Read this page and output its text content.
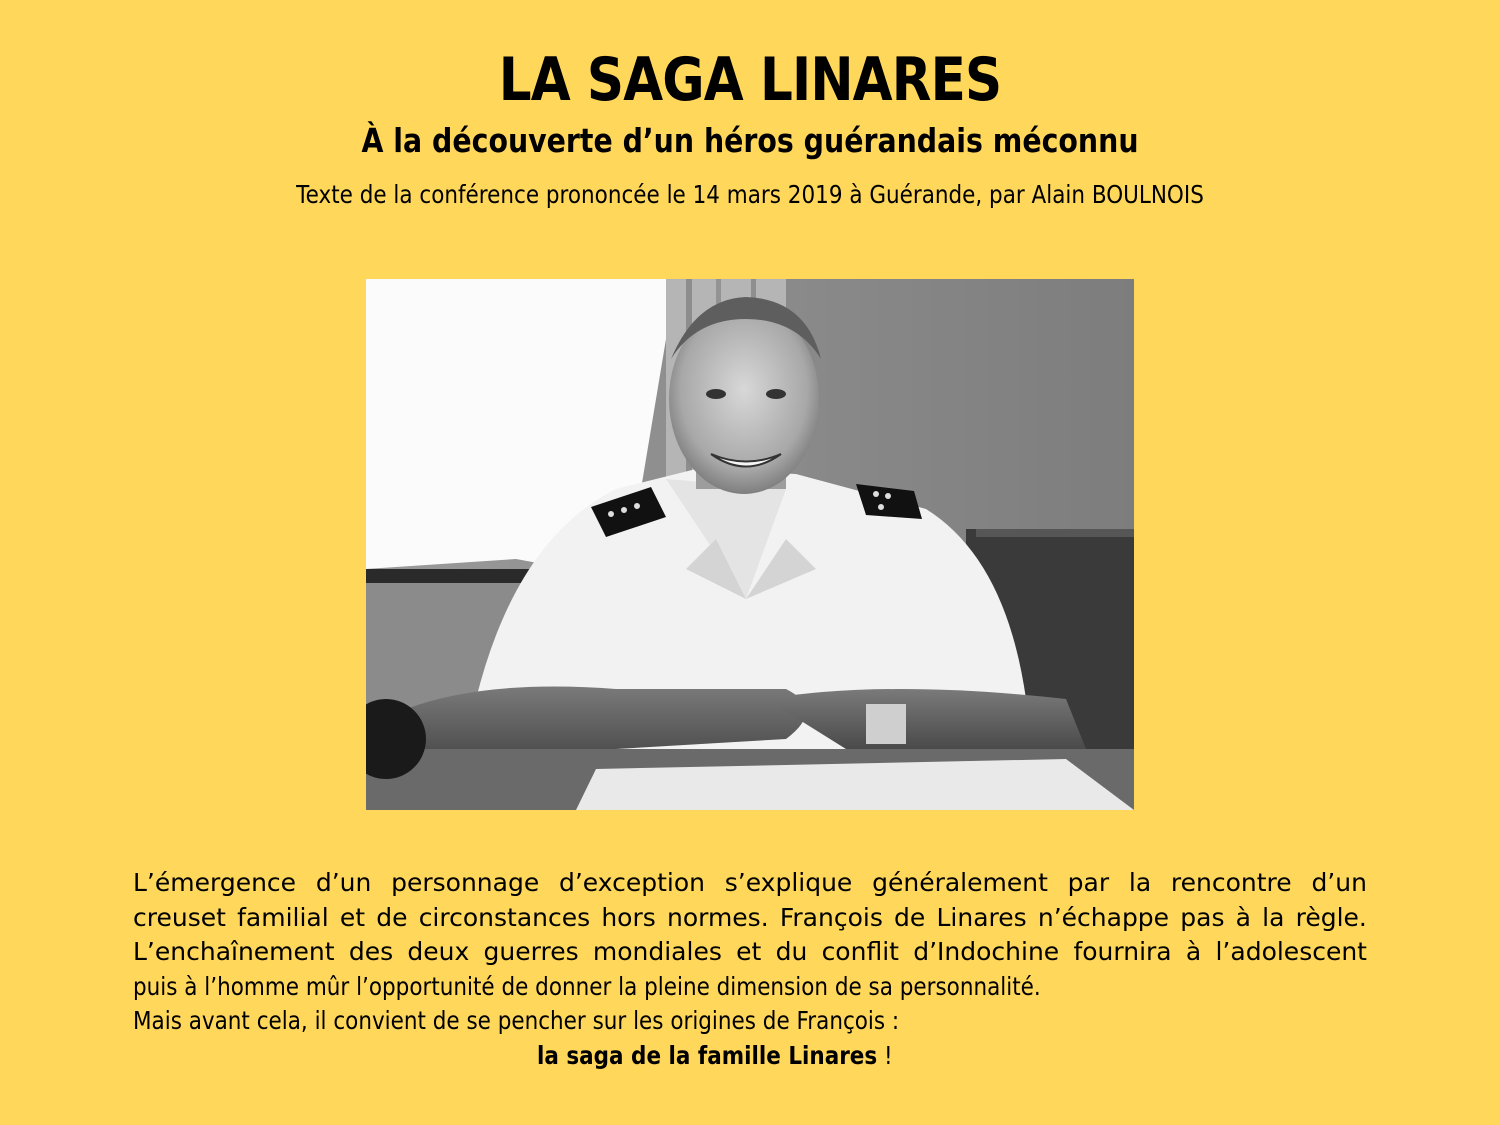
LA SAGA LINARES
À la découverte d’un héros guérandais méconnu
Texte de la conférence prononcée le 14 mars 2019 à Guérande, par Alain BOULNOIS
L’émergence d’un personnage d’exception s’explique généralement par la rencontre d’un
creuset familial et de circonstances hors normes. François de Linares n’échappe pas à la règle.
L’enchaînement des deux guerres mondiales et du conflit d’Indochine fournira à l’adolescent
puis à l’homme mûr l’opportunité de donner la pleine dimension de sa personnalité.
Mais avant cela, il convient de se pencher sur les origines de François :
la saga de la famille Linares !
